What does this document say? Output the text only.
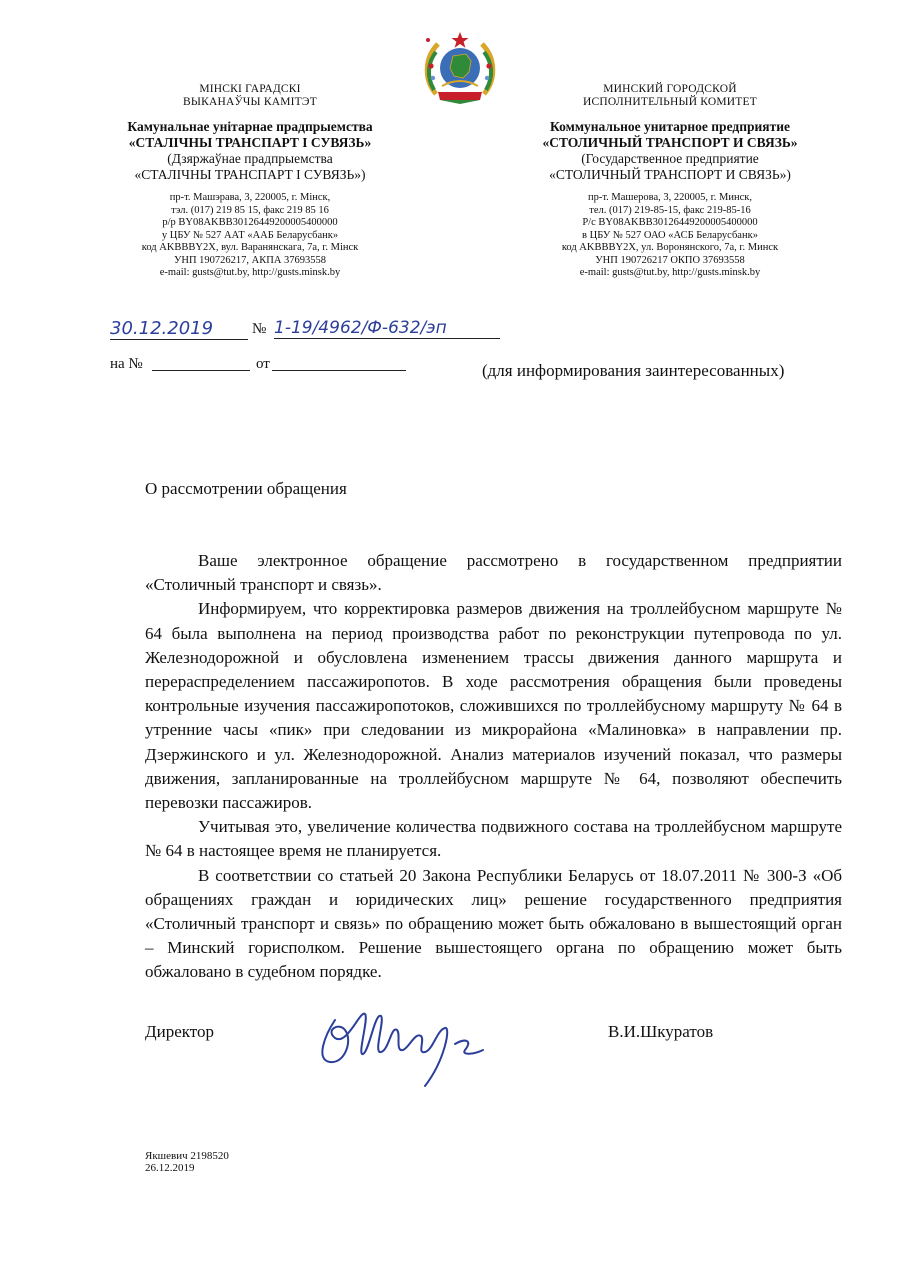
МІНСКІ ГАРАДСКІ
ВЫКАНАЎЧЫ КАМІТЭТ
Камунальнае унітарнае прадпрыемства
«СТАЛІЧНЫ ТРАНСПАРТ І СУВЯЗЬ»
(Дзяржаўнае прадпрыемства
«СТАЛІЧНЫ ТРАНСПАРТ І СУВЯЗЬ»)
пр-т. Машэрава, 3, 220005, г. Мінск,
тэл. (017) 219 85 15, факс 219 85 16
р/р BY08AKBB30126449200005400000
у ЦБУ № 527 ААТ «ААБ Беларусбанк»
код AKBBBY2X, вул. Варанянскага, 7а, г. Мінск
УНП 190726217, АКПА 37693558
e-mail: gusts@tut.by, http://gusts.minsk.by
МИНСКИЙ ГОРОДСКОЙ
ИСПОЛНИТЕЛЬНЫЙ КОМИТЕТ
Коммунальное унитарное предприятие
«СТОЛИЧНЫЙ ТРАНСПОРТ И СВЯЗЬ»
(Государственное предприятие
«СТОЛИЧНЫЙ ТРАНСПОРТ И СВЯЗЬ»)
пр-т. Машерова, 3, 220005, г. Минск,
тел. (017) 219-85-15, факс 219-85-16
Р/с BY08AKBB30126449200005400000
в ЦБУ № 527 ОАО «АСБ Беларусбанк»
код AKBBBY2X, ул. Воронянского, 7а, г. Минск
УНП 190726217 ОКПО 37693558
e-mail: gusts@tut.by, http://gusts.minsk.by
30.12.2019	№ 1-19/4962/Ф-632/эп
на №	от	(для информирования заинтересованных)
О рассмотрении обращения

Ваше электронное обращение рассмотрено в государственном предприятии «Столичный транспорт и связь».

Информируем, что корректировка размеров движения на троллейбусном маршруте № 64 была выполнена на период производства работ по реконструкции путепровода по ул. Железнодорожной и обусловлена изменением трассы движения данного маршрута и перераспределением пассажиропотов. В ходе рассмотрения обращения были проведены контрольные изучения пассажиропотоков, сложившихся по троллейбусному маршруту № 64 в утренние часы «пик» при следовании из микрорайона «Малиновка» в направлении пр. Дзержинского и ул. Железнодорожной. Анализ материалов изучений показал, что размеры движения, запланированные на троллейбусном маршруте № 64, позволяют обеспечить перевозки пассажиров.

Учитывая это, увеличение количества подвижного состава на троллейбусном маршруте № 64 в настоящее время не планируется.

В соответствии со статьей 20 Закона Республики Беларусь от 18.07.2011 № 300-З «Об обращениях граждан и юридических лиц» решение государственного предприятия «Столичный транспорт и связь» по обращению может быть обжаловано в вышестоящий орган – Минский горисполком. Решение вышестоящего органа по обращению может быть обжаловано в судебном порядке.

Директор	В.И.Шкуратов
Якшевич 2198520
26.12.2019
